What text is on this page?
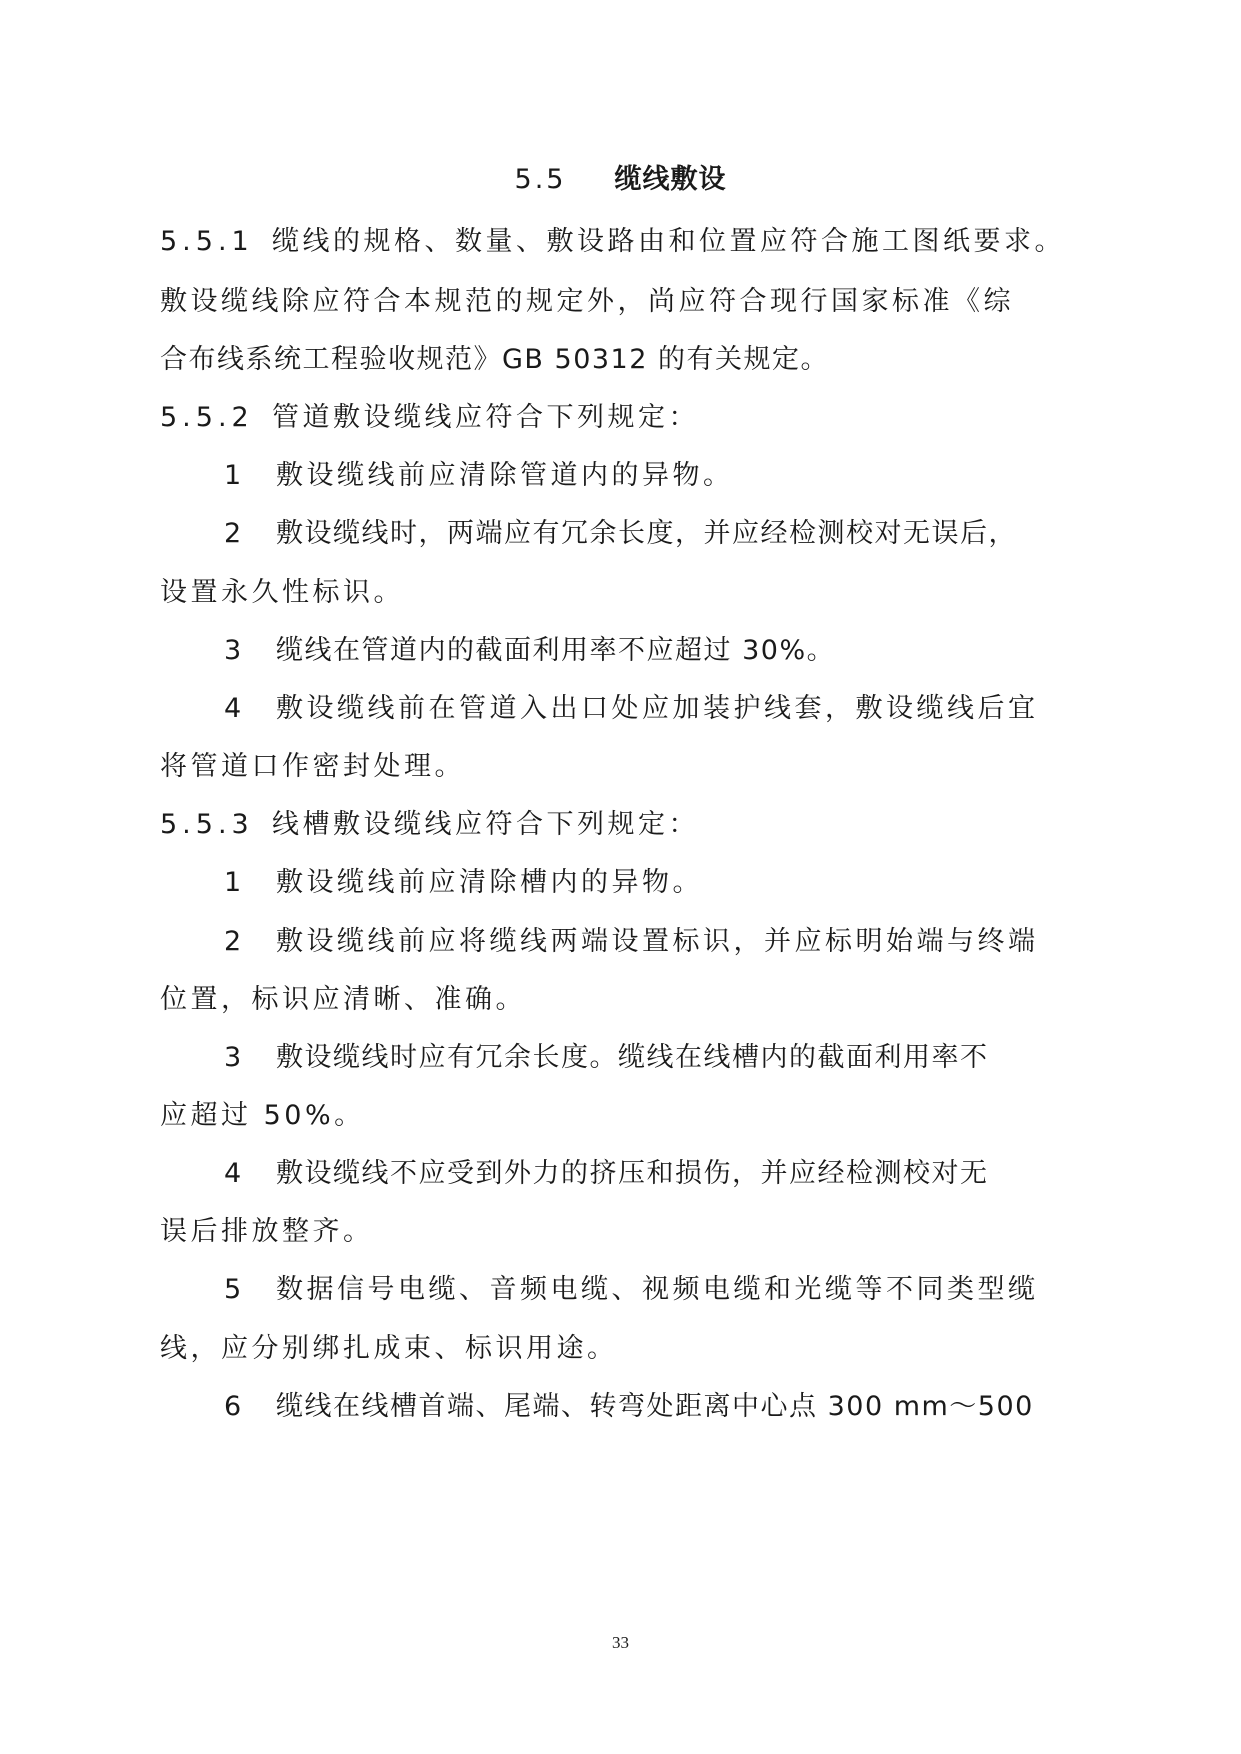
5.5 缆线敷设
5.5.1 缆线的规格、数量、敷设路由和位置应符合施工图纸要求。
敷设缆线除应符合本规范的规定外，尚应符合现行国家标准《综
合布线系统工程验收规范》GB 50312 的有关规定。
5.5.2 管道敷设缆线应符合下列规定：
1 敷设缆线前应清除管道内的异物。
2 敷设缆线时，两端应有冗余长度，并应经检测校对无误后，
设置永久性标识。
3 缆线在管道内的截面利用率不应超过 30%。
4 敷设缆线前在管道入出口处应加装护线套，敷设缆线后宜
将管道口作密封处理。
5.5.3 线槽敷设缆线应符合下列规定：
1 敷设缆线前应清除槽内的异物。
2 敷设缆线前应将缆线两端设置标识，并应标明始端与终端
位置，标识应清晰、准确。
3 敷设缆线时应有冗余长度。缆线在线槽内的截面利用率不
应超过 50%。
4 敷设缆线不应受到外力的挤压和损伤，并应经检测校对无
误后排放整齐。
5 数据信号电缆、音频电缆、视频电缆和光缆等不同类型缆
线，应分别绑扎成束、标识用途。
6 缆线在线槽首端、尾端、转弯处距离中心点 300 mm～500
33
